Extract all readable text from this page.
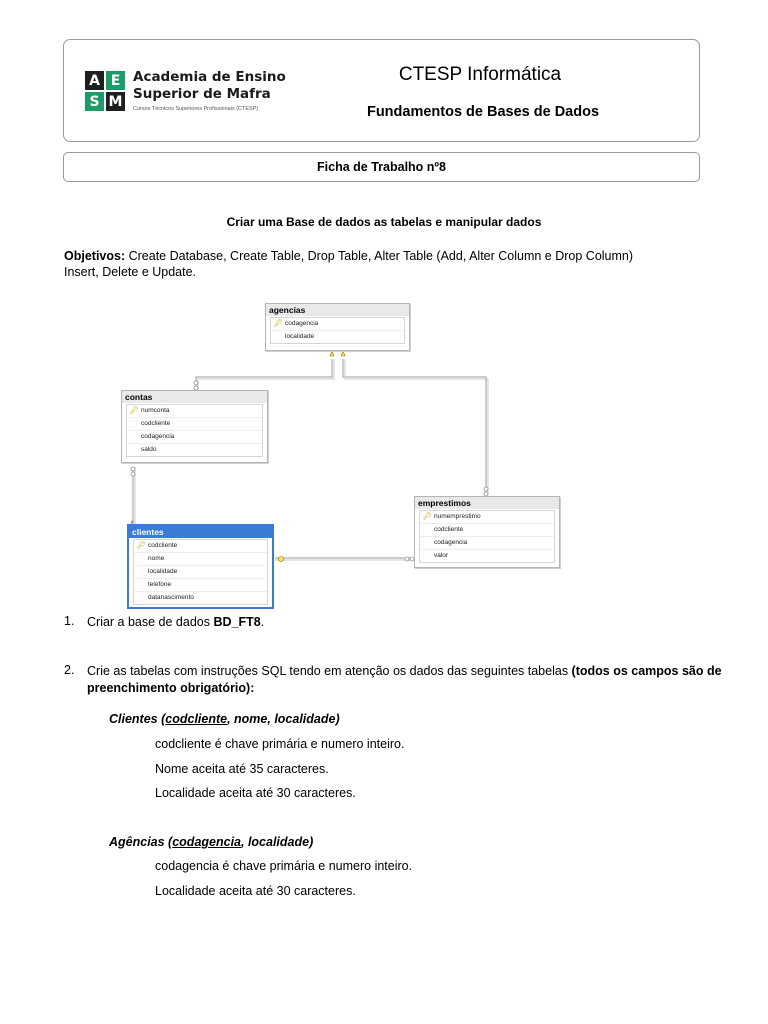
A E
S M
Academia de Ensino
Superior de Mafra
Cursos Técnicos Superiores Profissionais (CTESP)
CTESP Informática
Fundamentos de Bases de Dados
Ficha de Trabalho nº8
Criar uma Base de dados as tabelas e manipular dados
Objetivos: Create Database, Create Table, Drop Table, Alter Table (Add, Alter Column e Drop Column)
Insert, Delete e Update.
agencias
🔑︎ codagencia
localidade
contas
🔑︎ numconta
codcliente
codagencia
saldo
emprestimos
🔑︎ numemprestimo
codcliente
codagencia
valor
clientes
🔑︎ codcliente
nome
localidade
telefone
datanascimento
1. Criar a base de dados BD_FT8.
2. Crie as tabelas com instruções SQL tendo em atenção os dados das seguintes tabelas (todos os campos são de preenchimento obrigatório):
Clientes (codcliente, nome, localidade)
codcliente é chave primária e numero inteiro.
Nome aceita até 35 caracteres.
Localidade aceita até 30 caracteres.
Agências (codagencia, localidade)
codagencia é chave primária e numero inteiro.
Localidade aceita até 30 caracteres.
